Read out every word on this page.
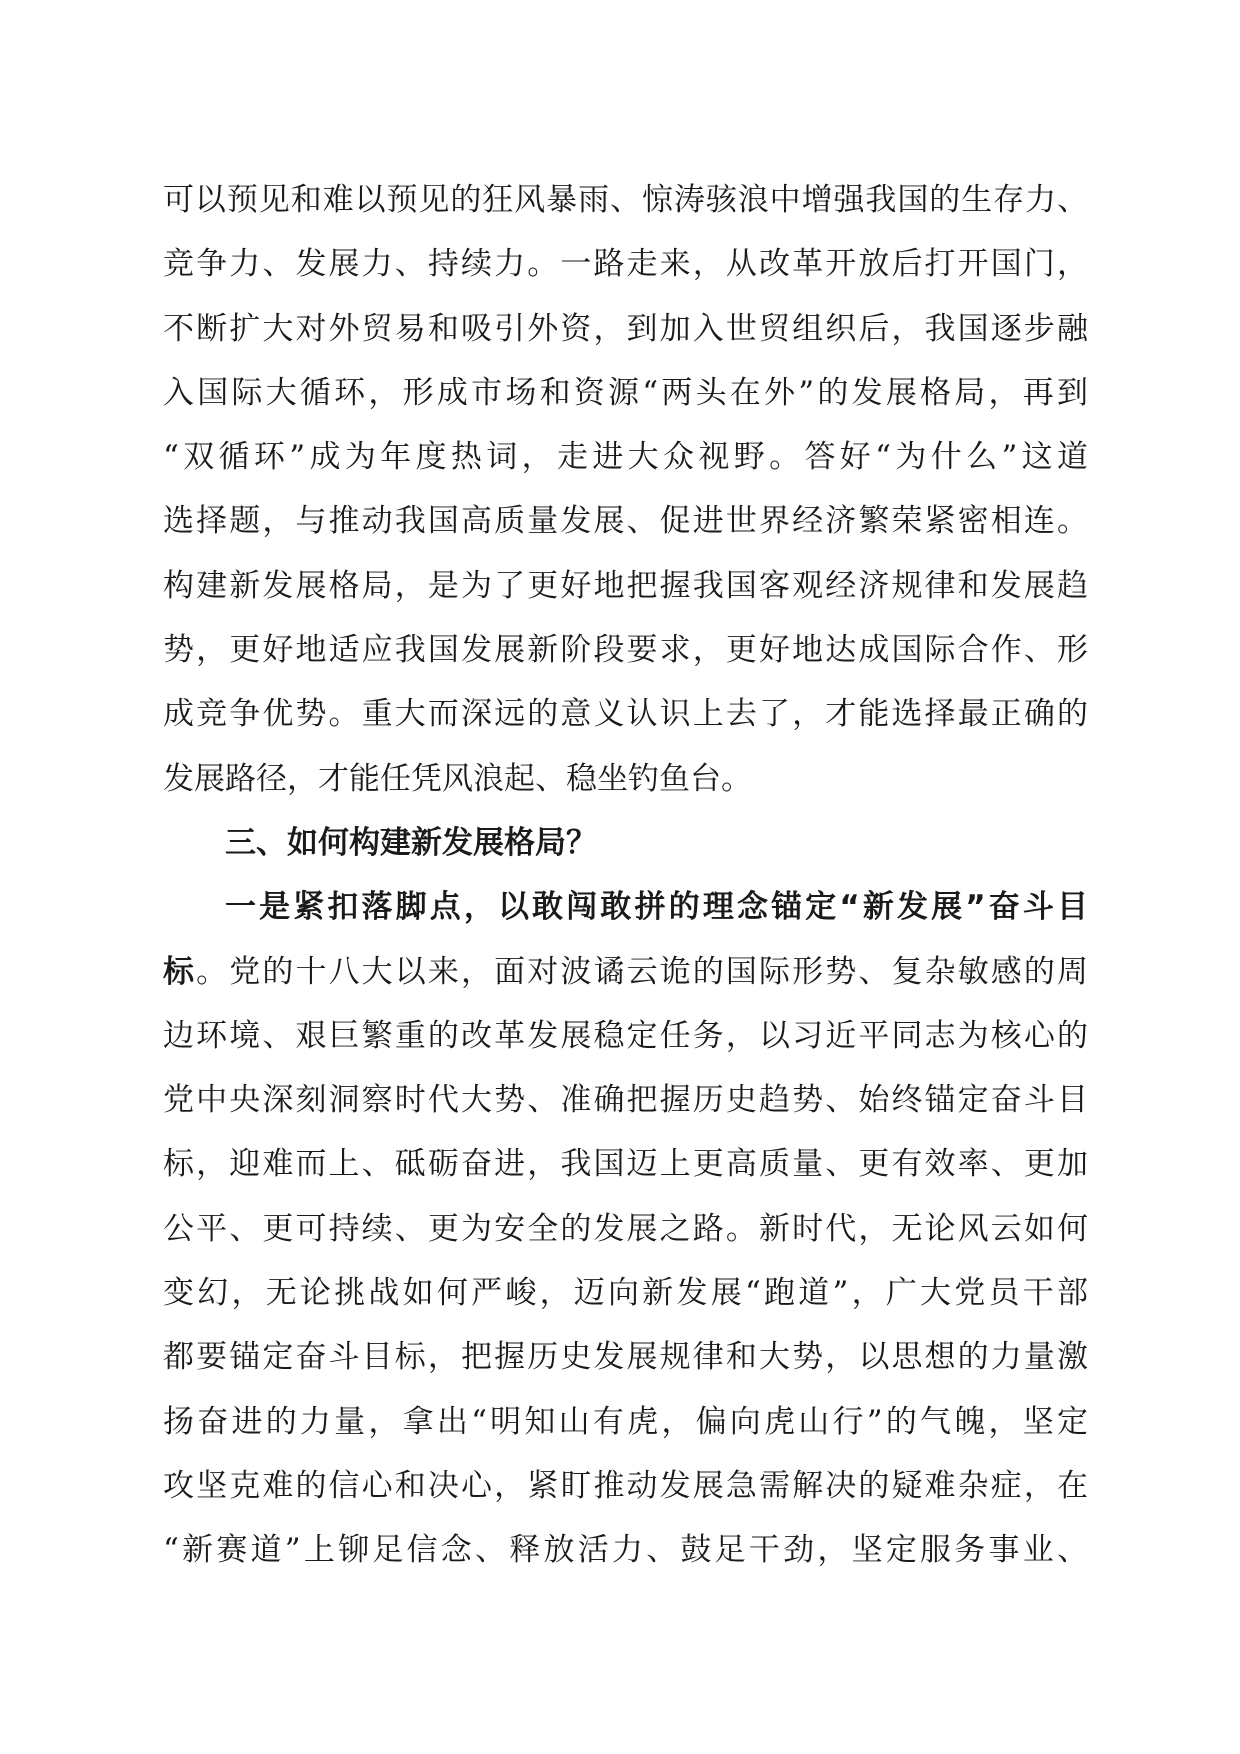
可以预见和难以预见的狂风暴雨、惊涛骇浪中增强我国的生存力、
竞争力、发展力、持续力。一路走来，从改革开放后打开国门，
不断扩大对外贸易和吸引外资，到加入世贸组织后，我国逐步融
入国际大循环，形成市场和资源“两头在外”的发展格局，再到
“双循环”成为年度热词，走进大众视野。答好“为什么”这道
选择题，与推动我国高质量发展、促进世界经济繁荣紧密相连。
构建新发展格局，是为了更好地把握我国客观经济规律和发展趋
势，更好地适应我国发展新阶段要求，更好地达成国际合作、形
成竞争优势。重大而深远的意义认识上去了，才能选择最正确的
发展路径，才能任凭风浪起、稳坐钓鱼台。
三、如何构建新发展格局？
一是紧扣落脚点，以敢闯敢拼的理念锚定“新发展”奋斗目
标。党的十八大以来，面对波谲云诡的国际形势、复杂敏感的周
边环境、艰巨繁重的改革发展稳定任务，以习近平同志为核心的
党中央深刻洞察时代大势、准确把握历史趋势、始终锚定奋斗目
标，迎难而上、砥砺奋进，我国迈上更高质量、更有效率、更加
公平、更可持续、更为安全的发展之路。新时代，无论风云如何
变幻，无论挑战如何严峻，迈向新发展“跑道”，广大党员干部
都要锚定奋斗目标，把握历史发展规律和大势，以思想的力量激
扬奋进的力量，拿出“明知山有虎，偏向虎山行”的气魄，坚定
攻坚克难的信心和决心，紧盯推动发展急需解决的疑难杂症，在
“新赛道”上铆足信念、释放活力、鼓足干劲，坚定服务事业、
